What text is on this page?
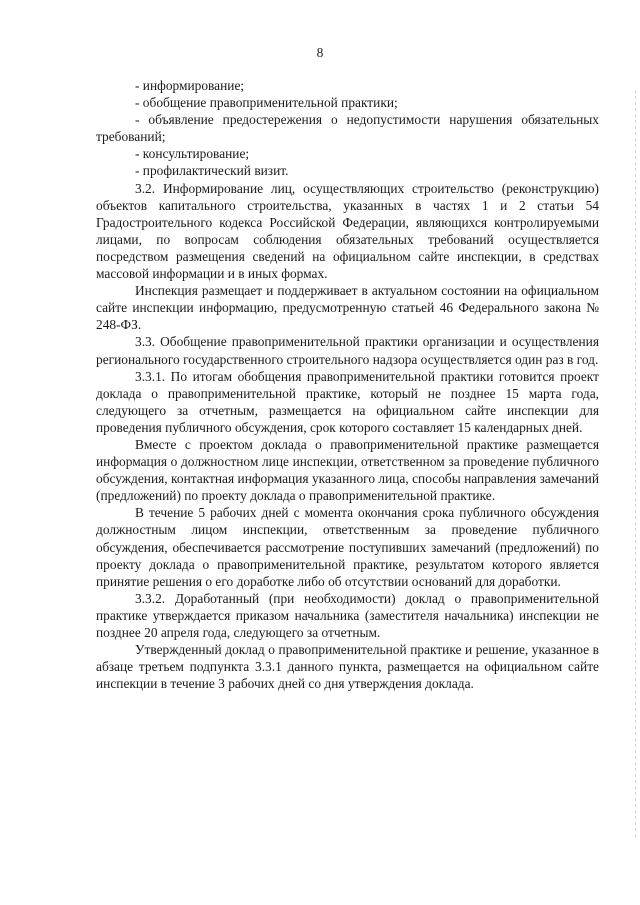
8

- информирование;

- обобщение правоприменительной практики;

- объявление предостережения о недопустимости нарушения обязательных требований;

- консультирование;

- профилактический визит.

3.2. Информирование лиц, осуществляющих строительство (реконструкцию) объектов капитального строительства, указанных в частях 1 и 2 статьи 54 Градостроительного кодекса Российской Федерации, являющихся контролируемыми лицами, по вопросам соблюдения обязательных требований осуществляется посредством размещения сведений на официальном сайте инспекции, в средствах массовой информации и в иных формах.

Инспекция размещает и поддерживает в актуальном состоянии на официальном сайте инспекции информацию, предусмотренную статьей 46 Федерального закона № 248-ФЗ.

3.3. Обобщение правоприменительной практики организации и осуществления регионального государственного строительного надзора осуществляется один раз в год.

3.3.1. По итогам обобщения правоприменительной практики готовится проект доклада о правоприменительной практике, который не позднее 15 марта года, следующего за отчетным, размещается на официальном сайте инспекции для проведения публичного обсуждения, срок которого составляет 15 календарных дней.

Вместе с проектом доклада о правоприменительной практике размещается информация о должностном лице инспекции, ответственном за проведение публичного обсуждения, контактная информация указанного лица, способы направления замечаний (предложений) по проекту доклада о правоприменительной практике.

В течение 5 рабочих дней с момента окончания срока публичного обсуждения должностным лицом инспекции, ответственным за проведение публичного обсуждения, обеспечивается рассмотрение поступивших замечаний (предложений) по проекту доклада о правоприменительной практике, результатом которого является принятие решения о его доработке либо об отсутствии оснований для доработки.

3.3.2. Доработанный (при необходимости) доклад о правоприменительной практике утверждается приказом начальника (заместителя начальника) инспекции не позднее 20 апреля года, следующего за отчетным.

Утвержденный доклад о правоприменительной практике и решение, указанное в абзаце третьем подпункта 3.3.1 данного пункта, размещается на официальном сайте инспекции в течение 3 рабочих дней со дня утверждения доклада.
